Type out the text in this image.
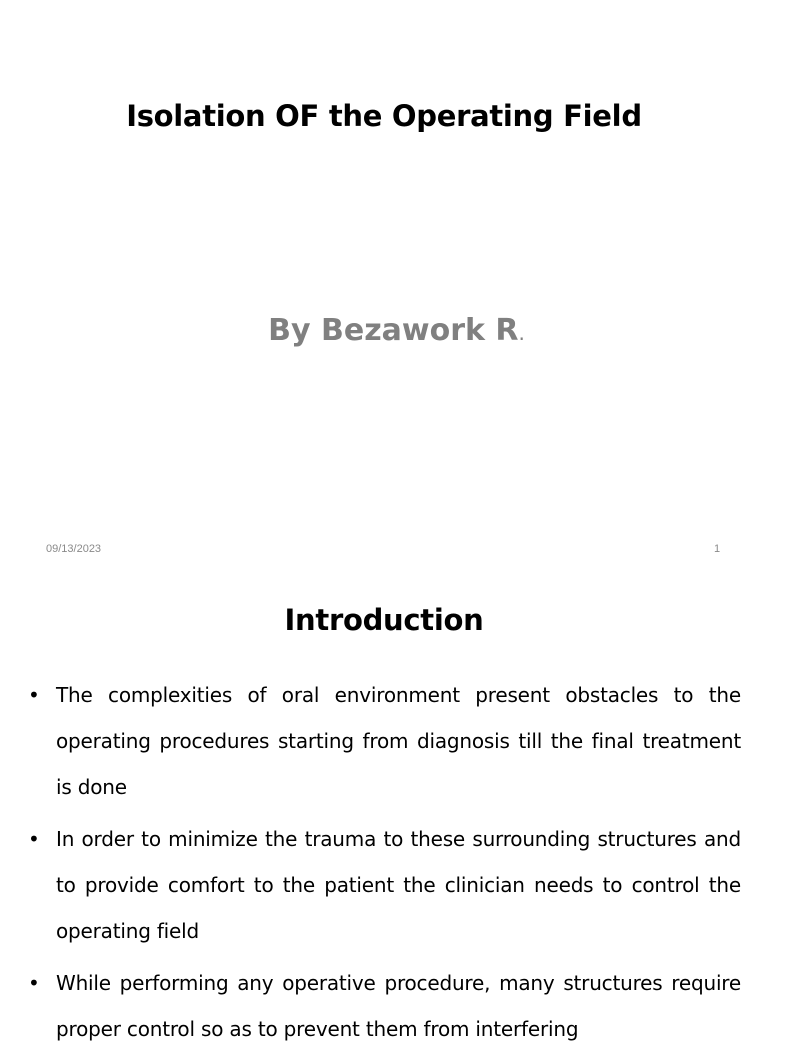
Isolation OF the Operating Field
By Bezawork R.
09/13/2023	1
Introduction
• The complexities of oral environment present obstacles to the operating procedures starting from diagnosis till the final treatment is done
• In order to minimize the trauma to these surrounding structures and to provide comfort to the patient the clinician needs to control the operating field
• While performing any operative procedure, many structures require proper control so as to prevent them from interfering
